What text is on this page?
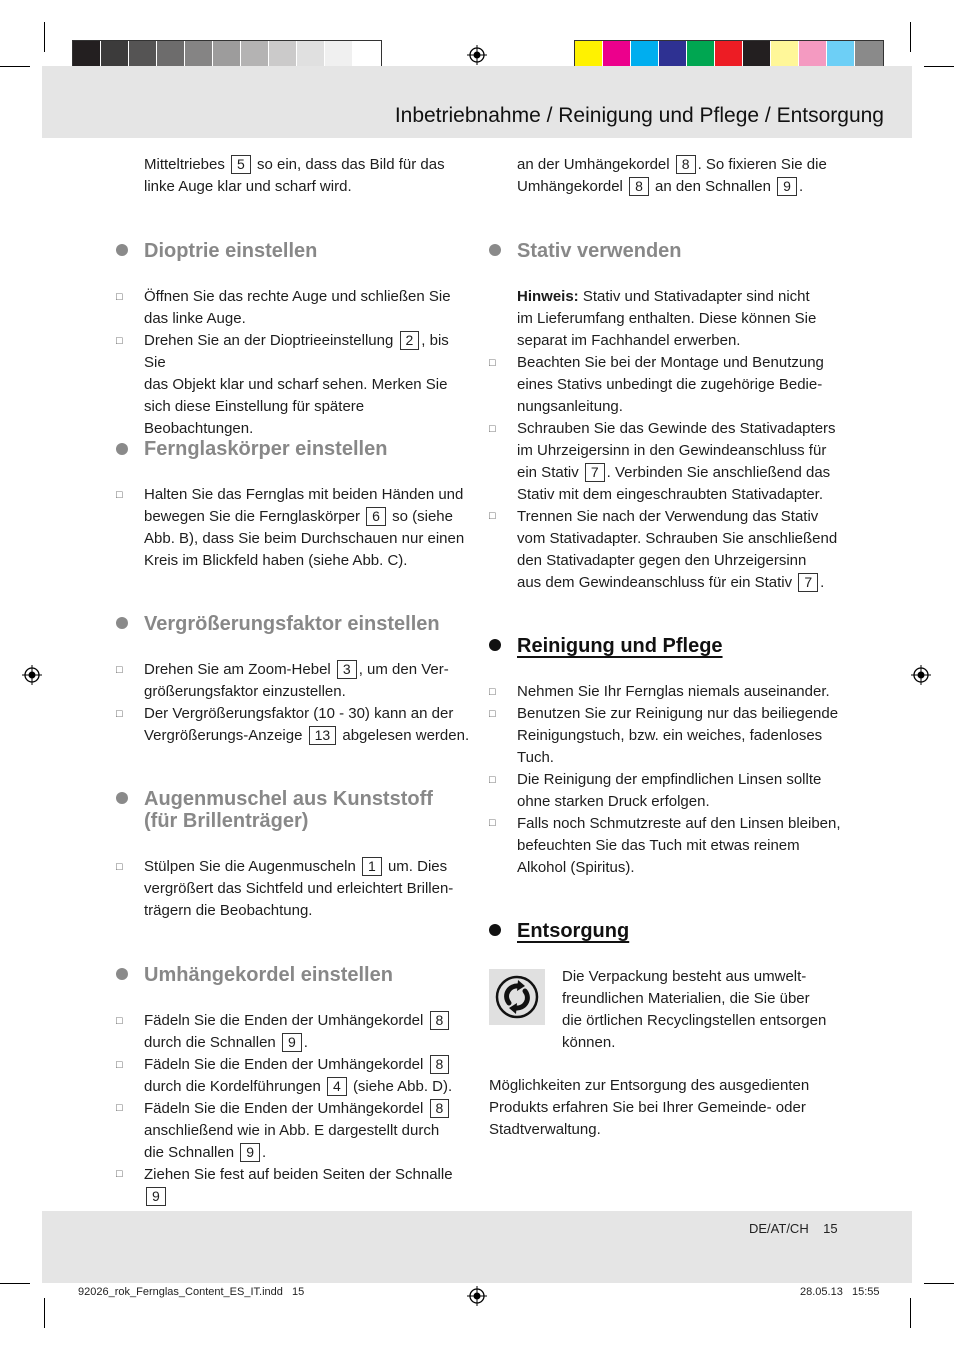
Inbetriebnahme / Reinigung und Pflege / Entsorgung

Mitteltriebes 5 so ein, dass das Bild für das

linke Auge klar und scharf wird.

Dioptrie einstellen
□
□

Öffnen Sie das rechte Auge und schließen Sie

das linke Auge.

Drehen Sie an der Dioptrieeinstellung 2 , bis Sie

das Objekt klar und scharf sehen. Merken Sie

sich diese Einstellung für spätere Beobachtungen.

Fernglaskörper einstellen
□ Halten Sie das Fernglas mit beiden Händen und

bewegen Sie die Fernglaskörper 6 so (siehe

Abb. B), dass Sie beim Durchschauen nur einen

Kreis im Blickfeld haben (siehe Abb. C).

Vergrößerungsfaktor einstellen
□
□

Drehen Sie am Zoom-Hebel 3 , um den Ver-

größerungsfaktor einzustellen.

Der Vergrößerungsfaktor (10 - 30) kann an der

Vergrößerungs-Anzeige 13 abgelesen werden.

Augenmuschel aus Kunststoff
(für Brillenträger)
□ Stülpen Sie die Augenmuscheln 1 um. Dies

vergrößert das Sichtfeld und erleichtert Brillen-

trägern die Beobachtung.

Umhängekordel einstellen
□
□
□
□

Fädeln Sie die Enden der Umhängekordel 8

durch die Schnallen 9 .

Fädeln Sie die Enden der Umhängekordel 8

durch die Kordelführungen 4 (siehe Abb. D).

Fädeln Sie die Enden der Umhängekordel 8

anschließend wie in Abb. E dargestellt durch

die Schnallen 9 .

Ziehen Sie fest auf beiden Seiten der Schnalle 9

an der Umhängekordel 8 . So fixieren Sie die

Umhängekordel 8 an den Schnallen 9 .

Stativ verwenden
□
□
□

Hinweis: Stativ und Stativadapter sind nicht

im Lieferumfang enthalten. Diese können Sie

separat im Fachhandel erwerben.

Beachten Sie bei der Montage und Benutzung

eines Stativs unbedingt die zugehörige Bedie-

nungsanleitung.

Schrauben Sie das Gewinde des Stativadapters

im Uhrzeigersinn in den Gewindeanschluss für

ein Stativ 7 . Verbinden Sie anschließend das

Stativ mit dem eingeschraubten Stativadapter.

Trennen Sie nach der Verwendung das Stativ

vom Stativadapter. Schrauben Sie anschließend

den Stativadapter gegen den Uhrzeigersinn

aus dem Gewindeanschluss für ein Stativ 7 .

Reinigung und Pflege
□
□
□
□

Nehmen Sie Ihr Fernglas niemals auseinander.

Benutzen Sie zur Reinigung nur das beiliegende

Reinigungstuch, bzw. ein weiches, fadenloses

Tuch.

Die Reinigung der empfindlichen Linsen sollte

ohne starken Druck erfolgen.

Falls noch Schmutzreste auf den Linsen bleiben,

befeuchten Sie das Tuch mit etwas reinem

Alkohol (Spiritus).

Entsorgung

Die Verpackung besteht aus umwelt-

freundlichen Materialien, die Sie über

die örtlichen Recyclingstellen entsorgen

können.

Möglichkeiten zur Entsorgung des ausgedienten

Produkts erfahren Sie bei Ihrer Gemeinde- oder

Stadtverwaltung.

DE/AT/CH 15
92026_rok_Fernglas_Content_ES_IT.indd 15	28.05.13 15:55
